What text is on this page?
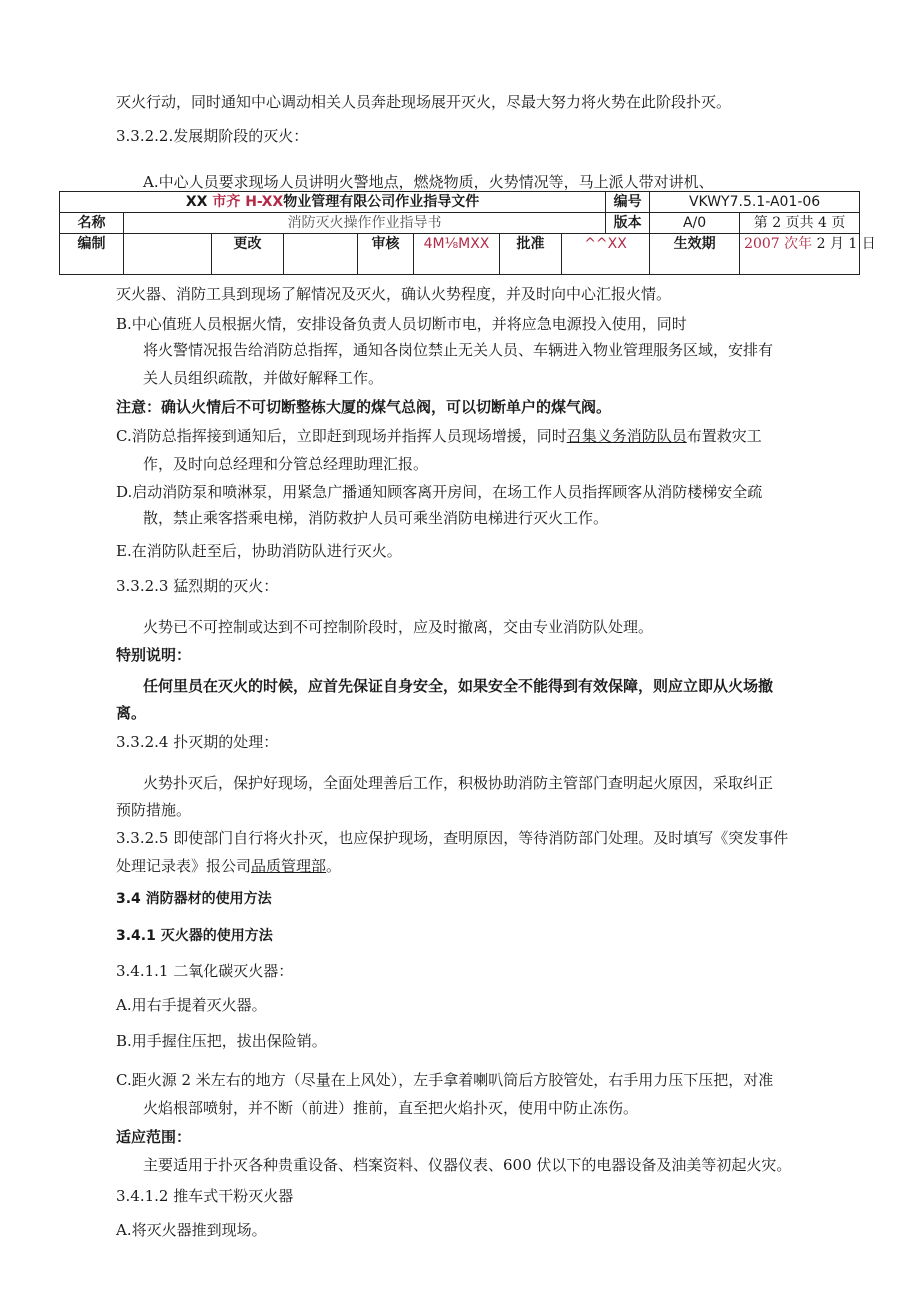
灭火行动，同时通知中心调动相关人员奔赴现场展开灭火，尽最大努力将火势在此阶段扑灭。
3.3.2.2.发展期阶段的灭火：
A.中心人员要求现场人员讲明火警地点，燃烧物质，火势情况等，马上派人带对讲机、
XX 市齐 H-XX物业管理有限公司作业指导文件								编号	VKWY7.5.1-A01-06	
名称	消防灭火操作作业指导书							版本	A/0	第 2 页共 4 页
编制		更改		审核	4M⅛MXX	批准	^^XX		生效期	2007 次年 2 月 1 日
灭火器、消防工具到现场了解情况及灭火，确认火势程度，并及时向中心汇报火情。
B.中心值班人员根据火情，安排设备负责人员切断市电，并将应急电源投入使用，同时
将火警情况报告给消防总指挥，通知各岗位禁止无关人员、车辆进入物业管理服务区域，安排有
关人员组织疏散，并做好解释工作。
注意：确认火情后不可切断整栋大厦的煤气总阀，可以切断单户的煤气阀。
C.消防总指挥接到通知后，立即赶到现场并指挥人员现场增援，同时召集义务消防队员布置救灾工
作，及时向总经理和分管总经理助理汇报。
D.启动消防泵和喷淋泵，用紧急广播通知顾客离开房间，在场工作人员指挥顾客从消防楼梯安全疏
散，禁止乘客搭乘电梯，消防救护人员可乘坐消防电梯进行灭火工作。
E.在消防队赶至后，协助消防队进行灭火。
3.3.2.3 猛烈期的灭火：
火势已不可控制或达到不可控制阶段时，应及时撤离，交由专业消防队处理。
特别说明：
任何里员在灭火的时候，应首先保证自身安全，如果安全不能得到有效保障，则应立即从火场撤
离。
3.3.2.4 扑灭期的处理：
火势扑灭后，保护好现场，全面处理善后工作，积极协助消防主管部门查明起火原因，采取纠正
预防措施。
3.3.2.5 即使部门自行将火扑灭，也应保护现场，查明原因，等待消防部门处理。及时填写《突发事件
处理记录表》报公司品质管理部。
3.4 消防器材的使用方法
3.4.1 灭火器的使用方法
3.4.1.1 二氧化碳灭火器：
A.用右手提着灭火器。
B.用手握住压把，拔出保险销。
C.距火源 2 米左右的地方（尽量在上风处），左手拿着喇叭筒后方胶管处，右手用力压下压把，对准
火焰根部喷射，并不断（前进）推前，直至把火焰扑灭，使用中防止冻伤。
适应范围：
主要适用于扑灭各种贵重设备、档案资料、仪器仪表、600 伏以下的电器设备及油美等初起火灾。
3.4.1.2 推车式干粉灭火器
A.将灭火器推到现场。
